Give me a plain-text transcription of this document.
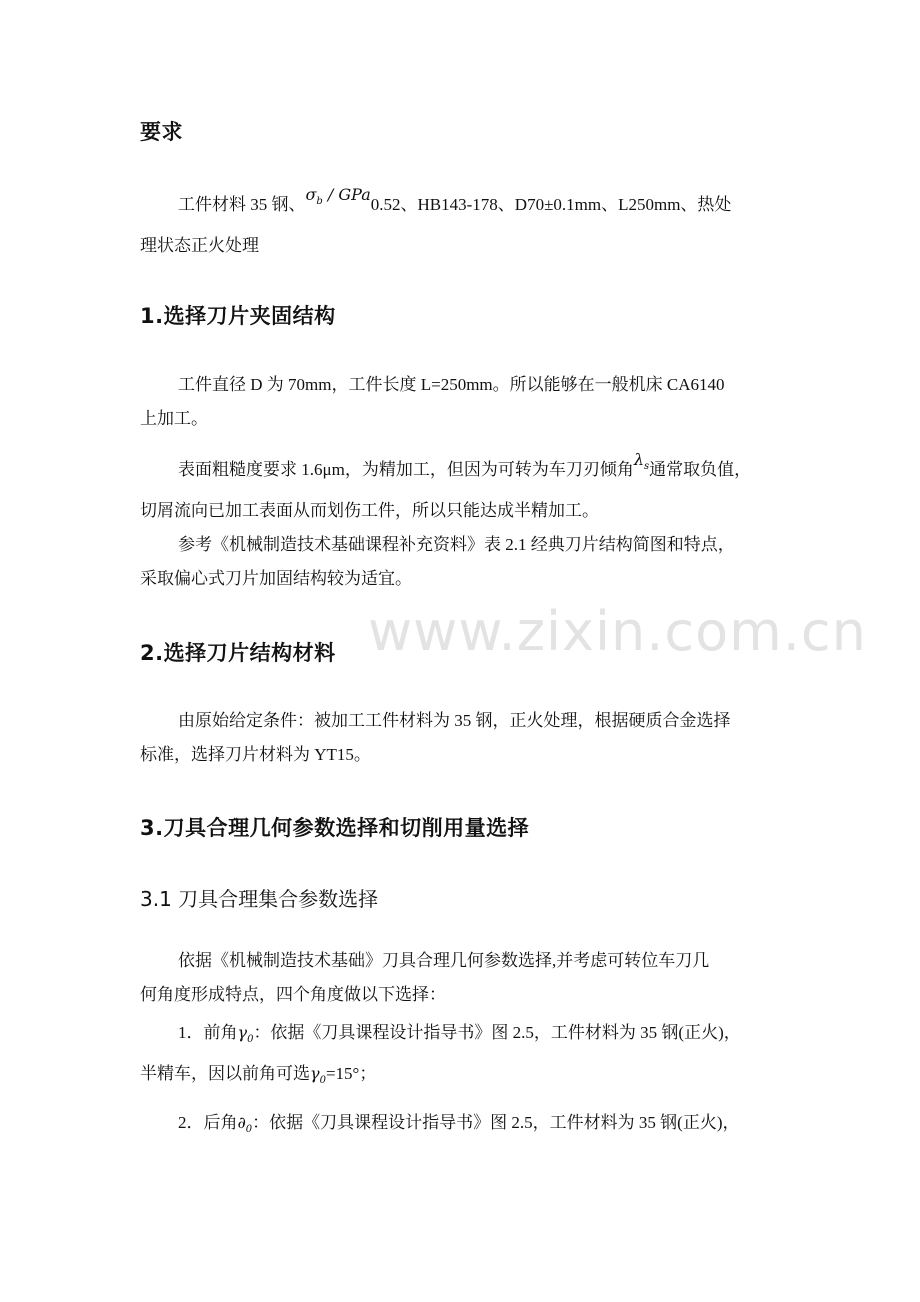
要求
工件材料 35 钢、$\sigma_b / GPa0.52$、HB143-178、D70±0.1mm、L250mm、热处
理状态正火处理
1.选择刀片夹固结构
工件直径 D 为 70mm，工件长度 L=250mm。所以能够在一般机床 CA6140
上加工。
表面粗糙度要求 1.6μm，为精加工，但因为可转为车刀刃倾角$\lambda_s$通常取负值，
切屑流向已加工表面从而划伤工件，所以只能达成半精加工。
参考《机械制造技术基础课程补充资料》表 2.1 经典刀片结构简图和特点，
采取偏心式刀片加固结构较为适宜。
www.zixin.com.cn
2.选择刀片结构材料
由原始给定条件：被加工工件材料为 35 钢，正火处理，根据硬质合金选择
标准，选择刀片材料为 YT15。
3.刀具合理几何参数选择和切削用量选择
3.1 刀具合理集合参数选择
依据《机械制造技术基础》刀具合理几何参数选择,并考虑可转位车刀几
何角度形成特点，四个角度做以下选择：
1．前角$\gamma_0$：依据《刀具课程设计指导书》图 2.5，工件材料为 35 钢(正火)，
半精车，因以前角可选$\gamma_0=15^\circ$；
2．后角$\partial_0$：依据《刀具课程设计指导书》图 2.5，工件材料为 35 钢(正火)，
